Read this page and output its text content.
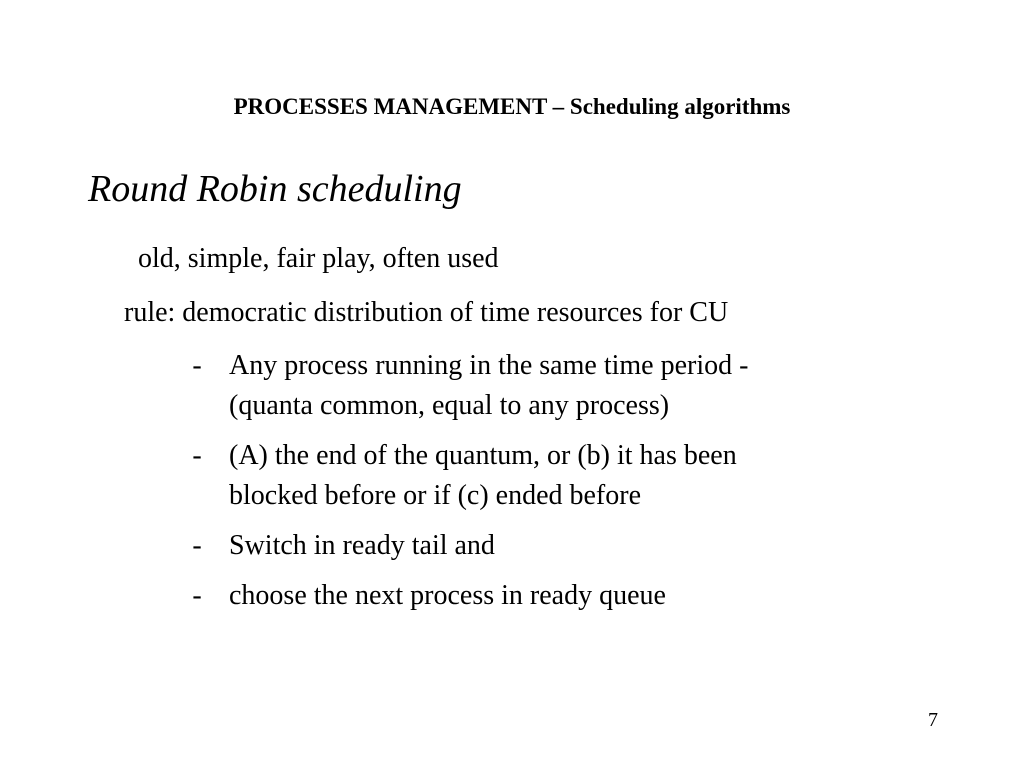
PROCESSES MANAGEMENT – Scheduling algorithms
Round Robin scheduling
old, simple, fair play, often used
rule: democratic distribution of time resources for CU
- Any process running in the same time period -
(quanta common, equal to any process)
- (A) the end of the quantum, or (b) it has been
blocked before or if (c) ended before
- Switch in ready tail and
- choose the next process in ready queue
7
